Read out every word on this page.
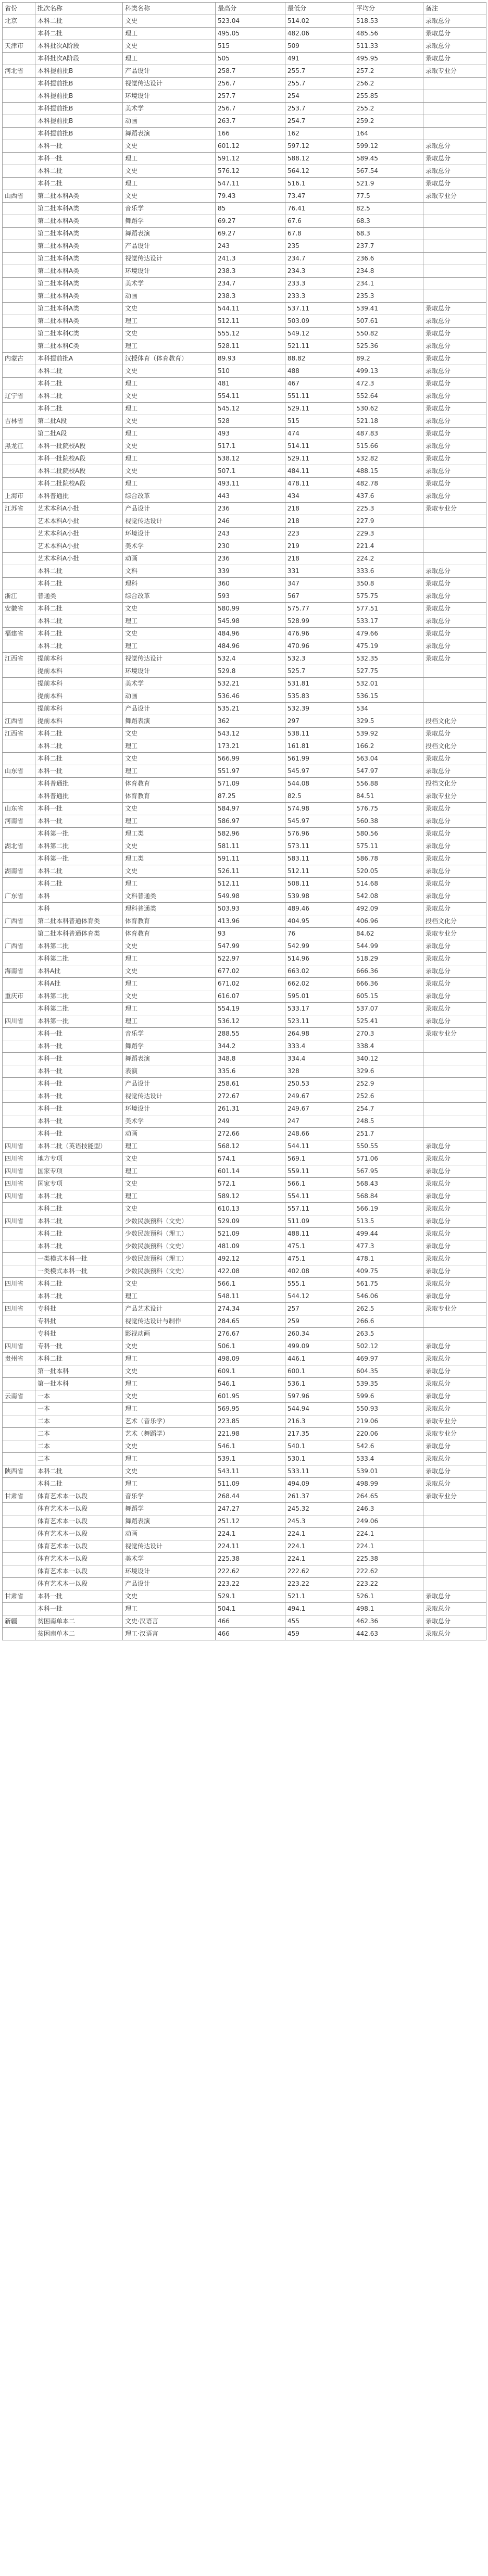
省份	批次名称	科类名称	最高分	最低分	平均分	备注
北京	本科二批	文史	523.04	514.02	518.53	录取总分
	本科二批	理工	495.05	482.06	485.56	录取总分
天津市	本科批次A阶段	文史	515	509	511.33	录取总分
	本科批次A阶段	理工	505	491	495.95	录取总分
河北省	本科提前批B	产品设计	258.7	255.7	257.2	录取专业分
	本科提前批B	视觉传达设计	256.7	255.7	256.2	
	本科提前批B	环境设计	257.7	254	255.85	
	本科提前批B	美术学	256.7	253.7	255.2	
	本科提前批B	动画	263.7	254.7	259.2	
	本科提前批B	舞蹈表演	166	162	164	
	本科一批	文史	601.12	597.12	599.12	录取总分
	本科一批	理工	591.12	588.12	589.45	录取总分
	本科二批	文史	576.12	564.12	567.54	录取总分
	本科二批	理工	547.11	516.1	521.9	录取总分
山西省	第二批本科A类	文史	79.43	73.47	77.5	录取专业分
	第二批本科A类	音乐学	85	76.41	82.5	
	第二批本科A类	舞蹈学	69.27	67.6	68.3	
	第二批本科A类	舞蹈表演	69.27	67.8	68.3	
	第二批本科A类	产品设计	243	235	237.7	
	第二批本科A类	视觉传达设计	241.3	234.7	236.6	
	第二批本科A类	环境设计	238.3	234.3	234.8	
	第二批本科A类	美术学	234.7	233.3	234.1	
	第二批本科A类	动画	238.3	233.3	235.3	
	第二批本科A类	文史	544.11	537.11	539.41	录取总分
	第二批本科A类	理工	512.11	503.09	507.61	录取总分
	第二批本科C类	文史	555.12	549.12	550.82	录取总分
	第二批本科C类	理工	528.11	521.11	525.36	录取总分
内蒙古	本科提前批A	汉授体育（体育教育）	89.93	88.82	89.2	录取总分
	本科二批	文史	510	488	499.13	录取总分
	本科二批	理工	481	467	472.3	录取总分
辽宁省	本科二批	文史	554.11	551.11	552.64	录取总分
	本科二批	理工	545.12	529.11	530.62	录取总分
吉林省	第二批A段	文史	528	515	521.18	录取总分
	第二批A段	理工	493	474	487.83	录取总分
黑龙江	本科一批院校A段	文史	517.1	514.11	515.66	录取总分
	本科一批院校A段	理工	538.12	529.11	532.82	录取总分
	本科二批院校A段	文史	507.1	484.11	488.15	录取总分
	本科二批院校A段	理工	493.11	478.11	482.78	录取总分
上海市	本科普通批	综合改革	443	434	437.6	录取总分
江苏省	艺术本科A小批	产品设计	236	218	225.3	录取专业分
	艺术本科A小批	视觉传达设计	246	218	227.9	
	艺术本科A小批	环境设计	243	223	229.3	
	艺术本科A小批	美术学	230	219	221.4	
	艺术本科A小批	动画	236	218	224.2	
	本科二批	文科	339	331	333.6	录取总分
	本科二批	理科	360	347	350.8	录取总分
浙江	普通类	综合改革	593	567	575.75	录取总分
安徽省	本科二批	文史	580.99	575.77	577.51	录取总分
	本科二批	理工	545.98	528.99	533.17	录取总分
福建省	本科二批	文史	484.96	476.96	479.66	录取总分
	本科二批	理工	484.96	470.96	475.19	录取总分
江西省	提前本科	视觉传达设计	532.4	532.3	532.35	录取总分
	提前本科	环境设计	529.8	525.7	527.75	
	提前本科	美术学	532.21	531.81	532.01	
	提前本科	动画	536.46	535.83	536.15	
	提前本科	产品设计	535.21	532.39	534	
江西省	提前本科	舞蹈表演	362	297	329.5	投档文化分
江西省	本科二批	文史	543.12	538.11	539.92	录取总分
	本科二批	理工	173.21	161.81	166.2	投档文化分
	本科二批	文史	566.99	561.99	563.04	录取总分
山东省	本科一批	理工	551.97	545.97	547.97	录取总分
	本科普通批	体育教育	571.09	544.08	556.88	投档文化分
	本科普通批	体育教育	87.25	82.5	84.51	录取专业分
山东省	本科一批	文史	584.97	574.98	576.75	录取总分
河南省	本科一批	理工	586.97	545.97	560.38	录取总分
	本科第一批	理工类	582.96	576.96	580.56	录取总分
湖北省	本科第二批	文史	581.11	573.11	575.11	录取总分
	本科第一批	理工类	591.11	583.11	586.78	录取总分
湖南省	本科二批	文史	526.11	512.11	520.05	录取总分
	本科二批	理工	512.11	508.11	514.68	录取总分
广东省	本科	文科普通类	549.98	539.98	542.08	录取总分
	本科	理科普通类	503.93	489.46	492.09	录取总分
广西省	第二批本科普通体育类	体育教育	413.96	404.95	406.96	投档文化分
	第二批本科普通体育类	体育教育	93	76	84.62	录取专业分
广西省	本科第二批	文史	547.99	542.99	544.99	录取总分
	本科第二批	理工	522.97	514.96	518.29	录取总分
海南省	本科A批	文史	677.02	663.02	666.36	录取总分
	本科A批	理工	671.02	662.02	666.36	录取总分
重庆市	本科第二批	文史	616.07	595.01	605.15	录取总分
	本科第二批	理工	554.19	533.17	537.07	录取总分
四川省	本科第一批	理工	536.12	523.11	525.41	录取总分
	本科一批	音乐学	288.55	264.98	270.3	录取专业分
	本科一批	舞蹈学	344.2	333.4	338.4	
	本科一批	舞蹈表演	348.8	334.4	340.12	
	本科一批	表演	335.6	328	329.6	
	本科一批	产品设计	258.61	250.53	252.9	
	本科一批	视觉传达设计	272.67	249.67	252.6	
	本科一批	环境设计	261.31	249.67	254.7	
	本科一批	美术学	249	247	248.5	
	本科一批	动画	272.66	248.66	251.7	
四川省	本科二批（英语技能型）	理工	568.12	544.11	550.55	录取总分
四川省	地方专项	文史	574.1	569.1	571.06	录取总分
四川省	国家专项	理工	601.14	559.11	567.95	录取总分
四川省	国家专项	文史	572.1	566.1	568.43	录取总分
四川省	本科二批	理工	589.12	554.11	568.84	录取总分
	本科二批	文史	610.13	557.11	566.19	录取总分
四川省	本科二批	少数民族预科（文史）	529.09	511.09	513.5	录取总分
	本科二批	少数民族预科（理工）	521.09	488.11	499.44	录取总分
	本科二批	少数民族预科（文史）	481.09	475.1	477.3	录取总分
	一类模式本科一批	少数民族预科（理工）	492.12	475.1	478.1	录取总分
	一类模式本科一批	少数民族预科（文史）	422.08	402.08	409.75	录取总分
四川省	本科二批	文史	566.1	555.1	561.75	录取总分
	本科二批	理工	548.11	544.12	546.06	录取总分
四川省	专科批	产品艺术设计	274.34	257	262.5	录取专业分
	专科批	视觉传达设计与制作	284.65	259	266.6	
	专科批	影视动画	276.67	260.34	263.5	
四川省	专科一批	文史	506.1	499.09	502.12	录取总分
贵州省	本科二批	理工	498.09	446.1	469.97	录取总分
	第一批本科	文史	609.1	600.1	604.35	录取总分
	第一批本科	理工	546.1	536.1	539.35	录取总分
云南省	一本	文史	601.95	597.96	599.6	录取总分
	一本	理工	569.95	544.94	550.93	录取总分
	二本	艺术（音乐学）	223.85	216.3	219.06	录取专业分
	二本	艺术（舞蹈学）	221.98	217.35	220.06	录取专业分
	二本	文史	546.1	540.1	542.6	录取总分
	二本	理工	539.1	530.1	533.4	录取总分
陕西省	本科二批	文史	543.11	533.11	539.01	录取总分
	本科二批	理工	511.09	494.09	498.99	录取总分
甘肃省	体育艺术本一以段	音乐学	268.44	261.37	264.65	录取专业分
	体育艺术本一以段	舞蹈学	247.27	245.32	246.3	
	体育艺术本一以段	舞蹈表演	251.12	245.3	249.06	
	体育艺术本一以段	动画	224.1	224.1	224.1	
	体育艺术本一以段	视觉传达设计	224.11	224.1	224.1	
	体育艺术本一以段	美术学	225.38	224.1	225.38	
	体育艺术本一以段	环境设计	222.62	222.62	222.62	
	体育艺术本一以段	产品设计	223.22	223.22	223.22	
甘肃省	本科一批	文史	529.1	521.1	526.1	录取总分
	本科一批	理工	504.1	494.1	498.1	录取总分
新疆	贫困南单本二	文史·汉语言	466	455	462.36	录取总分
	贫困南单本二	理工·汉语言	466	459	442.63	录取总分
